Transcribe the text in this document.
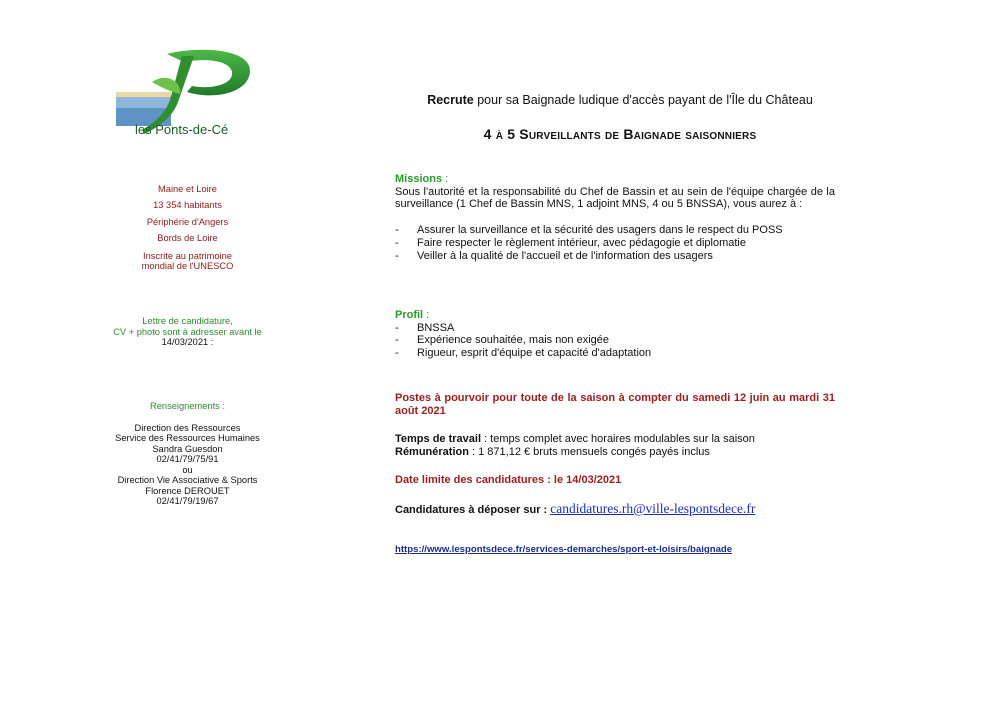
les Ponts-de-Cé
Maine et Loire
13 354 habitants
Périphérie d'Angers
Bords de Loire
Inscrite au patrimoine
mondial de l'UNESCO
Lettre de candidature,
CV + photo sont à adresser avant le
14/03/2021 :
Renseignements :
Direction des Ressources
Service des Ressources Humaines
Sandra Guesdon
02/41/79/75/91
ou
Direction Vie Associative & Sports
Florence DEROUET
02/41/79/19/67
Recrute pour sa Baignade ludique d'accès payant de l'Île du Château
4 à 5 Surveillants de Baignade saisonniers
Missions :
Sous l'autorité et la responsabilité du Chef de Bassin et au sein de l'équipe chargée de la surveillance (1 Chef de Bassin MNS, 1 adjoint MNS, 4 ou 5 BNSSA), vous aurez à :
- Assurer la surveillance et la sécurité des usagers dans le respect du POSS
- Faire respecter le règlement intérieur, avec pédagogie et diplomatie
- Veiller à la qualité de l'accueil et de l'information des usagers
Profil :
- BNSSA
- Expérience souhaitée, mais non exigée
- Rigueur, esprit d'équipe et capacité d'adaptation
Postes à pourvoir pour toute de la saison à compter du samedi 12 juin au mardi 31 août 2021
Temps de travail : temps complet avec horaires modulables sur la saison
Rémunération : 1 871,12 € bruts mensuels congés payés inclus
Date limite des candidatures : le 14/03/2021
Candidatures à déposer sur : candidatures.rh@ville-lespontsdece.fr
https://www.lespontsdece.fr/services-demarches/sport-et-loisirs/baignade
